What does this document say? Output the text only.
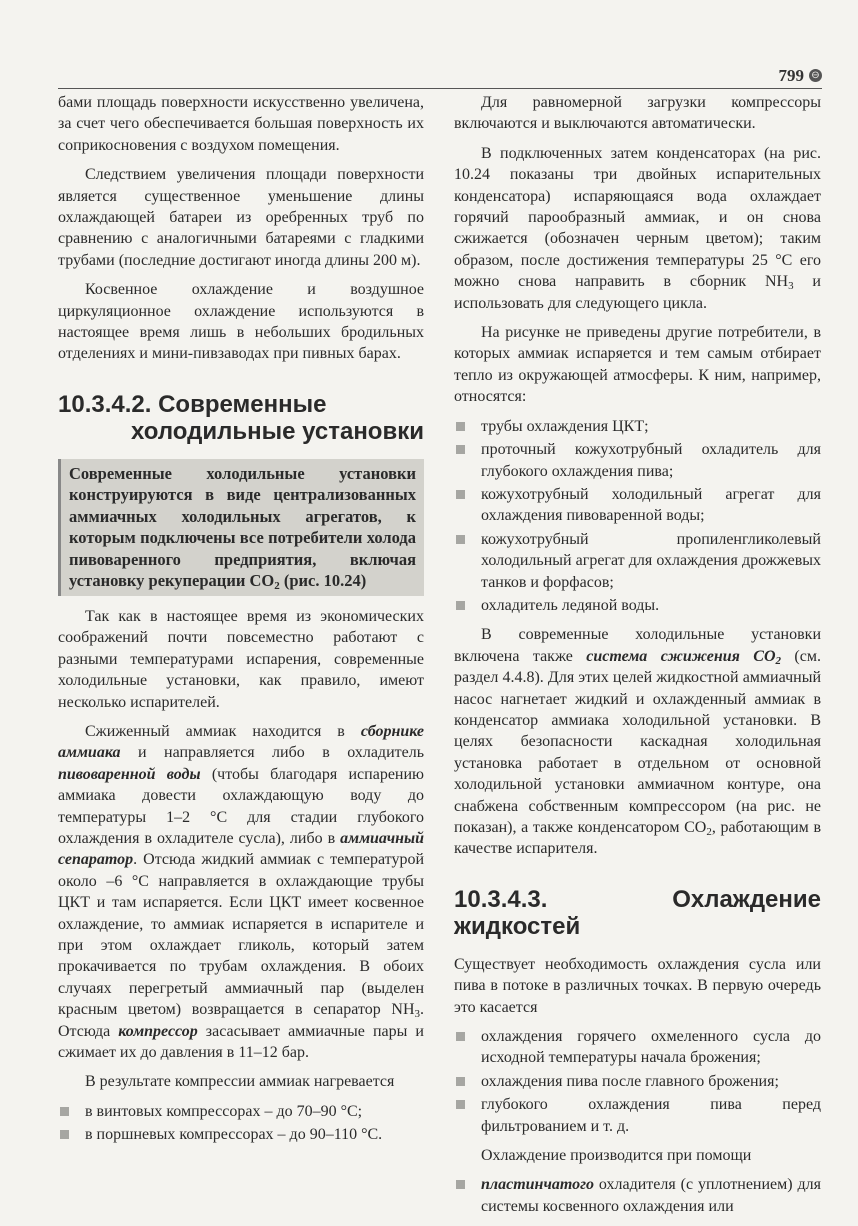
799 ⊖

бами площадь поверхности искусственно увеличена, за счет чего обеспечивается большая поверхность их соприкосновения с воздухом помещения.

Следствием увеличения площади поверхности является существенное уменьшение длины охлаждающей батареи из оребренных труб по сравнению с аналогичными батареями с гладкими трубами (последние достигают иногда длины 200 м).

Косвенное охлаждение и воздушное циркуляционное охлаждение используются в настоящее время лишь в небольших бродильных отделениях и мини-пивзаводах при пивных барах.

10.3.4.2. Современные
холодильные установки
Современные холодильные установки конструируются в виде централизованных аммиачных холодильных агрегатов, к которым подключены все потребители холода пивоваренного предприятия, включая установку рекуперации $CO_2$ (рис. 10.24)

Так как в настоящее время из экономических соображений почти повсеместно работают с разными температурами испарения, современные холодильные установки, как правило, имеют несколько испарителей.

Сжиженный аммиак находится в сборнике аммиака и направляется либо в охладитель пивоваренной воды (чтобы благодаря испарению аммиака довести охлаждающую воду до температуры 1–2 °С для стадии глубокого охлаждения в охладителе сусла), либо в аммиачный сепаратор. Отсюда жидкий аммиак с температурой около –6 °С направляется в охлаждающие трубы ЦКТ и там испаряется. Если ЦКТ имеет косвенное охлаждение, то аммиак испаряется в испарителе и при этом охлаждает гликоль, который затем прокачивается по трубам охлаждения. В обоих случаях перегретый аммиачный пар (выделен красным цветом) возвращается в сепаратор $NH_3$. Отсюда компрессор засасывает аммиачные пары и сжимает их до давления в 11–12 бар.

В результате компрессии аммиак нагревается

в винтовых компрессорах – до 70–90 °С;
в поршневых компрессорах – до 90–110 °С.

Для равномерной загрузки компрессоры включаются и выключаются автоматически.

В подключенных затем конденсаторах (на рис. 10.24 показаны три двойных испарительных конденсатора) испаряющаяся вода охлаждает горячий парообразный аммиак, и он снова сжижается (обозначен черным цветом); таким образом, после достижения температуры 25 °С его можно снова направить в сборник $NH_3$ и использовать для следующего цикла.

На рисунке не приведены другие потребители, в которых аммиак испаряется и тем самым отбирает тепло из окружающей атмосферы. К ним, например, относятся:

трубы охлаждения ЦКТ;
проточный кожухотрубный охладитель для глубокого охлаждения пива;
кожухотрубный холодильный агрегат для охлаждения пивоваренной воды;
кожухотрубный пропиленгликолевый холодильный агрегат для охлаждения дрожжевых танков и форфасов;
охладитель ледяной воды.

В современные холодильные установки включена также система сжижения $CO_2$ (см. раздел 4.4.8). Для этих целей жидкостной аммиачный насос нагнетает жидкий и охлажденный аммиак в конденсатор аммиака холодильной установки. В целях безопасности каскадная холодильная установка работает в отдельном от основной холодильной установки аммиачном контуре, она снабжена собственным компрессором (на рис. не показан), а также конденсатором $CO_2$, работающим в качестве испарителя.

10.3.4.3. Охлаждение жидкостей

Существует необходимость охлаждения сусла или пива в потоке в различных точках. В первую очередь это касается

охлаждения горячего охмеленного сусла до исходной температуры начала брожения;
охлаждения пива после главного брожения;
глубокого охлаждения пива перед фильтрованием и т. д.

Охлаждение производится при помощи

пластинчатого охладителя (с уплотнением) для системы косвенного охлаждения или
